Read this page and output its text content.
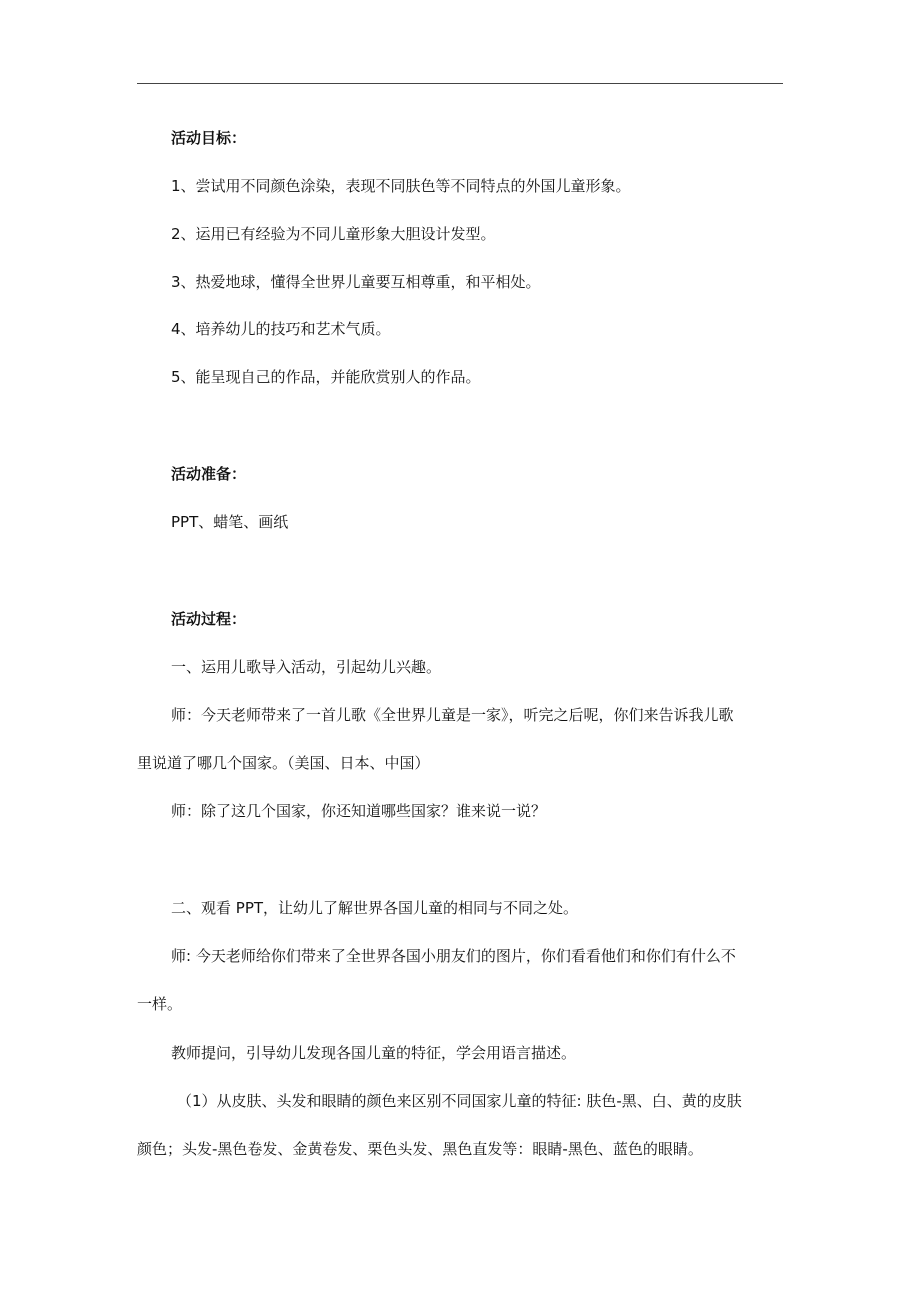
活动目标：
1、尝试用不同颜色涂染，表现不同肤色等不同特点的外国儿童形象。
2、运用已有经验为不同儿童形象大胆设计发型。
3、热爱地球，懂得全世界儿童要互相尊重，和平相处。
4、培养幼儿的技巧和艺术气质。
5、能呈现自己的作品，并能欣赏别人的作品。
活动准备：
PPT、蜡笔、画纸
活动过程：
一、运用儿歌导入活动，引起幼儿兴趣。
师：今天老师带来了一首儿歌《全世界儿童是一家》，听完之后呢，你们来告诉我儿歌
里说道了哪几个国家。（美国、日本、中国）
师：除了这几个国家，你还知道哪些国家？谁来说一说？
二、观看 PPT，让幼儿了解世界各国儿童的相同与不同之处。
师: 今天老师给你们带来了全世界各国小朋友们的图片，你们看看他们和你们有什么不
一样。
教师提问，引导幼儿发现各国儿童的特征，学会用语言描述。
（1）从皮肤、头发和眼睛的颜色来区别不同国家儿童的特征: 肤色-黑、白、黄的皮肤
颜色；头发-黑色卷发、金黄卷发、栗色头发、黑色直发等：眼睛-黑色、蓝色的眼睛。
